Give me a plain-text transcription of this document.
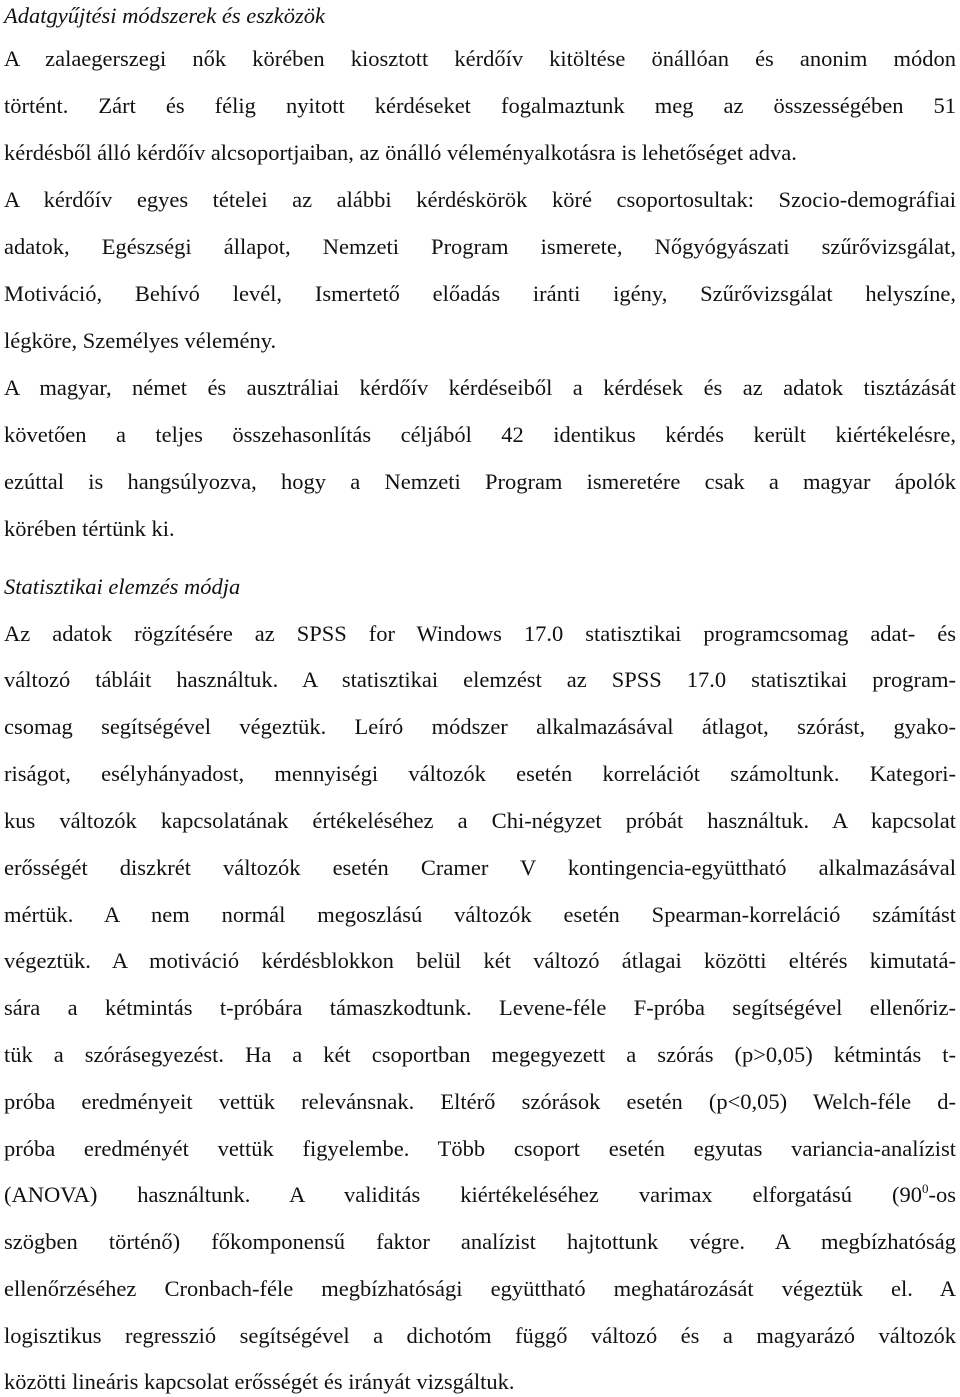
Adatgyűjtési módszerek és eszközök
A zalaegerszegi nők körében kiosztott kérdőív kitöltése önállóan és anonim módon
történt. Zárt és félig nyitott kérdéseket fogalmaztunk meg az összességében 51
kérdésből álló kérdőív alcsoportjaiban, az önálló véleményalkotásra is lehetőséget adva.
A kérdőív egyes tételei az alábbi kérdéskörök köré csoportosultak: Szocio-demográfiai
adatok, Egészségi állapot, Nemzeti Program ismerete, Nőgyógyászati szűrővizsgálat,
Motiváció, Behívó levél, Ismertető előadás iránti igény, Szűrővizsgálat helyszíne,
légköre, Személyes vélemény.
A magyar, német és ausztráliai kérdőív kérdéseiből a kérdések és az adatok tisztázását
követően a teljes összehasonlítás céljából 42 identikus kérdés került kiértékelésre,
ezúttal is hangsúlyozva, hogy a Nemzeti Program ismeretére csak a magyar ápolók
körében tértünk ki.
Statisztikai elemzés módja
Az adatok rögzítésére az SPSS for Windows 17.0 statisztikai programcsomag adat- és
változó tábláit használtuk. A statisztikai elemzést az SPSS 17.0 statisztikai program-
csomag segítségével végeztük. Leíró módszer alkalmazásával átlagot, szórást, gyako-
riságot, esélyhányadost, mennyiségi változók esetén korrelációt számoltunk. Kategori-
kus változók kapcsolatának értékeléséhez a Chi-négyzet próbát használtuk. A kapcsolat
erősségét diszkrét változók esetén Cramer V kontingencia-együttható alkalmazásával
mértük. A nem normál megoszlású változók esetén Spearman-korreláció számítást
végeztük. A motiváció kérdésblokkon belül két változó átlagai közötti eltérés kimutatá-
sára a kétmintás t-próbára támaszkodtunk. Levene-féle F-próba segítségével ellenőriz-
tük a szórásegyezést. Ha a két csoportban megegyezett a szórás (p>0,05) kétmintás t-
próba eredményeit vettük relevánsnak. Eltérő szórások esetén (p<0,05) Welch-féle d-
próba eredményét vettük figyelembe. Több csoport esetén egyutas variancia-analízist
(ANOVA) használtunk. A validitás kiértékeléséhez varimax elforgatású ($90^0-os$
szögben történő) főkomponensű faktor analízist hajtottunk végre. A megbízhatóság
ellenőrzéséhez Cronbach-féle megbízhatósági együttható meghatározását végeztük el. A
logisztikus regresszió segítségével a dichotóm függő változó és a magyarázó változók
közötti lineáris kapcsolat erősségét és irányát vizsgáltuk.
